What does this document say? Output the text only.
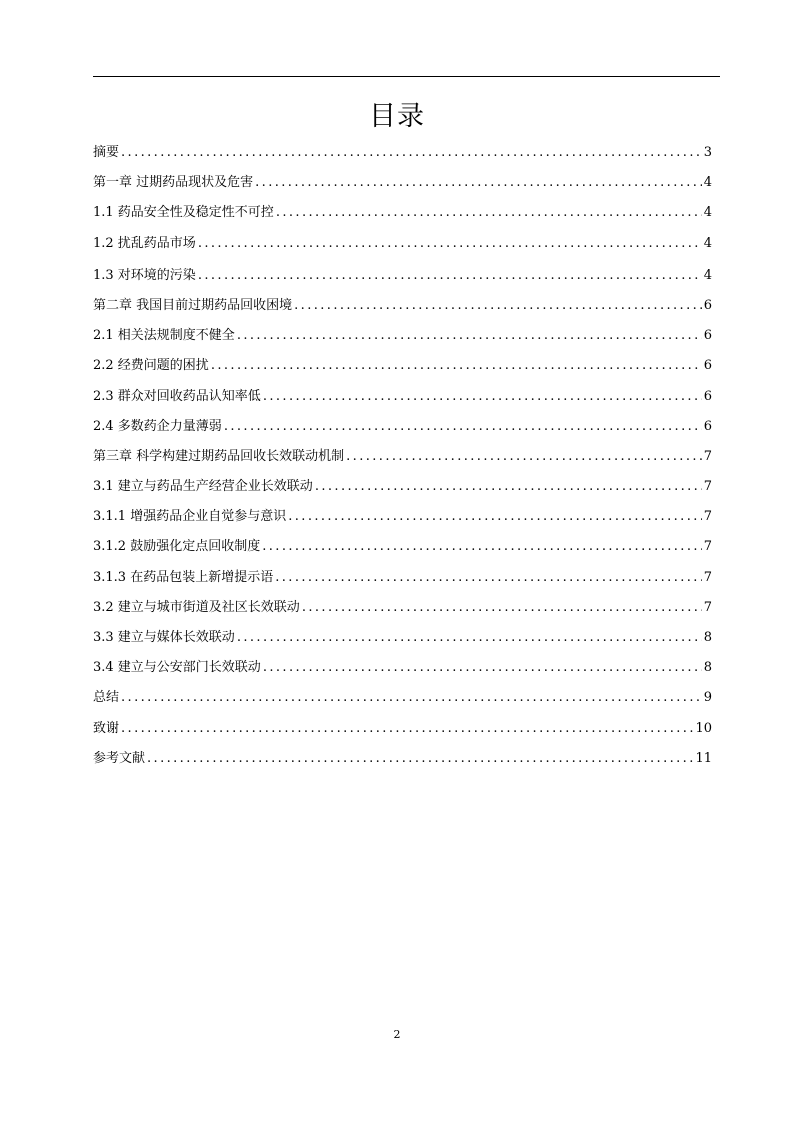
目录
摘要 .....	3
第一章 过期药品现状及危害 .....	4
1.1 药品安全性及稳定性不可控 .....	4
1.2 扰乱药品市场 .....	4
1.3 对环境的污染 .....	4
第二章 我国目前过期药品回收困境 .....	6
2.1 相关法规制度不健全 .....	6
2.2 经费问题的困扰 .....	6
2.3 群众对回收药品认知率低 .....	6
2.4 多数药企力量薄弱 .....	6
第三章 科学构建过期药品回收长效联动机制 .....	7
3.1 建立与药品生产经营企业长效联动 .....	7
3.1.1 增强药品企业自觉参与意识 .....	7
3.1.2 鼓励强化定点回收制度 .....	7
3.1.3 在药品包装上新增提示语 .....	7
3.2 建立与城市街道及社区长效联动 .....	7
3.3 建立与媒体长效联动 .....	8
3.4 建立与公安部门长效联动 .....	8
总结 .....	9
致谢 .....	10
参考文献 .....	11
2
